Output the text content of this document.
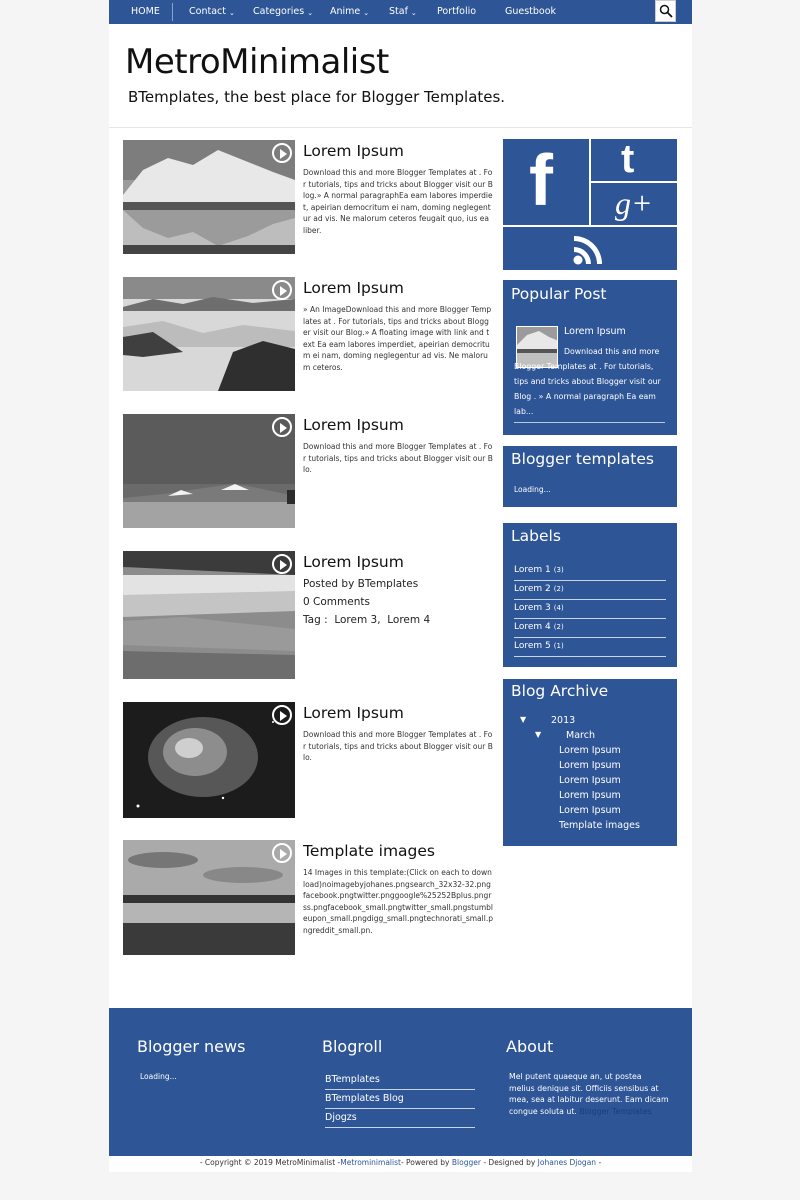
HOME	Contact ⌄ Categories ⌄ Anime ⌄ Staf ⌄ Portfolio	Guestbook
MetroMinimalist
BTemplates, the best place for Blogger Templates.
Lorem Ipsum
Download this and more Blogger Templates at . For tutorials, tips and tricks about Blogger visit our Blog.» A normal paragraphEa eam labores imperdiet, apeirian democritum ei nam, doming neglegentur ad vis. Ne malorum ceteros feugait quo, ius ea liber.
Lorem Ipsum
» An ImageDownload this and more Blogger Templates at . For tutorials, tips and tricks about Blogger visit our Blog.» A floating image with link and text Ea eam labores imperdiet, apeirian democritum ei nam, doming neglegentur ad vis. Ne malorum ceteros.
Lorem Ipsum
Download this and more Blogger Templates at . For tutorials, tips and tricks about Blogger visit our Blo.
Lorem Ipsum
Posted by BTemplates
0 Comments
Tag : Lorem 3,  Lorem 4
Lorem Ipsum
Download this and more Blogger Templates at . For tutorials, tips and tricks about Blogger visit our Blo.
Template images
14 Images in this template:(Click on each to download)noimagebyjohanes.pngsearch_32x32-32.pngfacebook.pngtwitter.pnggoogle%25252Bplus.pngrss.pngfacebook_small.pngtwitter_small.pngstumbleupon_small.pngdigg_small.pngtechnorati_small.pngreddit_small.pn.
f t
g+
Popular Post
Lorem Ipsum
Download this and more Blogger Templates at . For tutorials, tips and tricks about Blogger visit our Blog . » A normal paragraph Ea eam lab...
Blogger templates
Loading...
Labels
Lorem 1 (3)
Lorem 2 (2)
Lorem 3 (4)
Lorem 4 (2)
Lorem 5 (1)
Blog Archive
▼	2013
▼	March
Lorem Ipsum
Lorem Ipsum
Lorem Ipsum
Lorem Ipsum
Lorem Ipsum
Template images
Blogger news
Loading...
Blogroll
BTemplates
BTemplates Blog
Djogzs
About
Mel putent quaeque an, ut postea melius denique sit. Officiis sensibus at mea, sea at labitur deserunt. Eam dicam congue soluta ut. Blogger Templates
- Copyright © 2019 MetroMinimalist -Metrominimalist- Powered by Blogger - Designed by Johanes Djogan -
